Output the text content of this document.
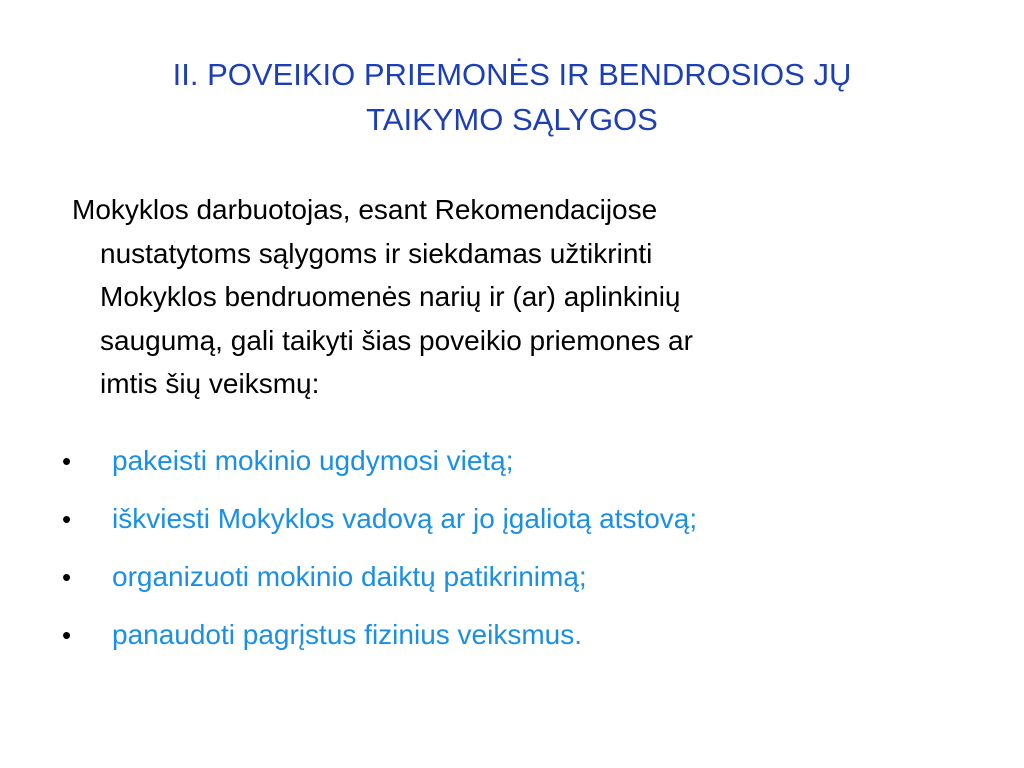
II. POVEIKIO PRIEMONĖS IR BENDROSIOS JŲ
TAIKYMO SĄLYGOS

Mokyklos darbuotojas, esant Rekomendacijose
nustatytoms sąlygoms ir siekdamas užtikrinti
Mokyklos bendruomenės narių ir (ar) aplinkinių
saugumą, gali taikyti šias poveikio priemones ar
imtis šių veiksmų:

• pakeisti mokinio ugdymosi vietą;
• iškviesti Mokyklos vadovą ar jo įgaliotą atstovą;
• organizuoti mokinio daiktų patikrinimą;
• panaudoti pagrįstus fizinius veiksmus.
